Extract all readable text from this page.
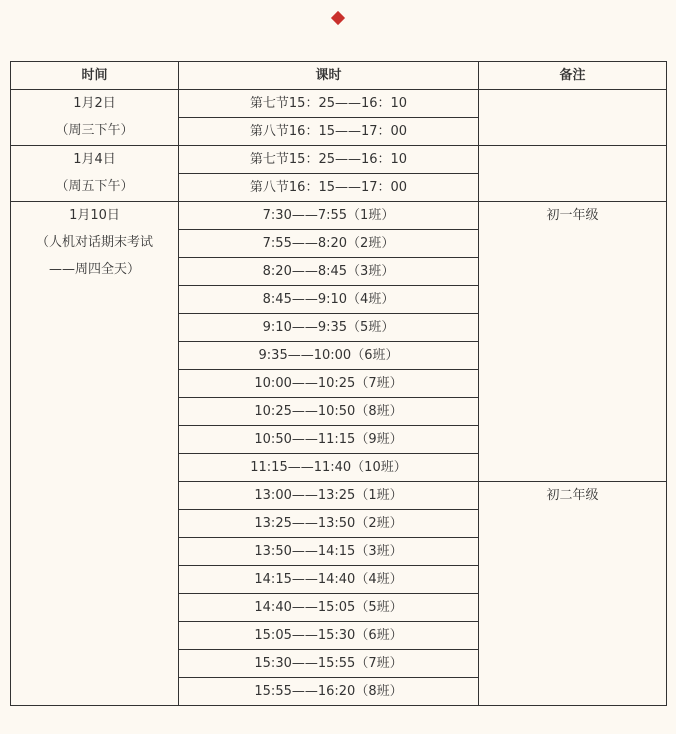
时间	课时	备注

1月2日
（周三下午）	第七节15：25——16：10	
	第八节16：15——17：00	

1月4日
（周五下午）	第七节15：25——16：10	
	第八节16：15——17：00	

1月10日
（人机对话期末考试
——周四全天）	7:30——7:55（1班）	初一年级
	7:55——8:20（2班）	
	8:20——8:45（3班）	
	8:45——9:10（4班）	
	9:10——9:35（5班）	
	9:35——10:00（6班）	
	10:00——10:25（7班）	
	10:25——10:50（8班）	
	10:50——11:15（9班）	
	11:15——11:40（10班）	
	13:00——13:25（1班）	初二年级
	13:25——13:50（2班）	
	13:50——14:15（3班）	
	14:15——14:40（4班）	
	14:40——15:05（5班）	
	15:05——15:30（6班）	
	15:30——15:55（7班）	
	15:55——16:20（8班）	
